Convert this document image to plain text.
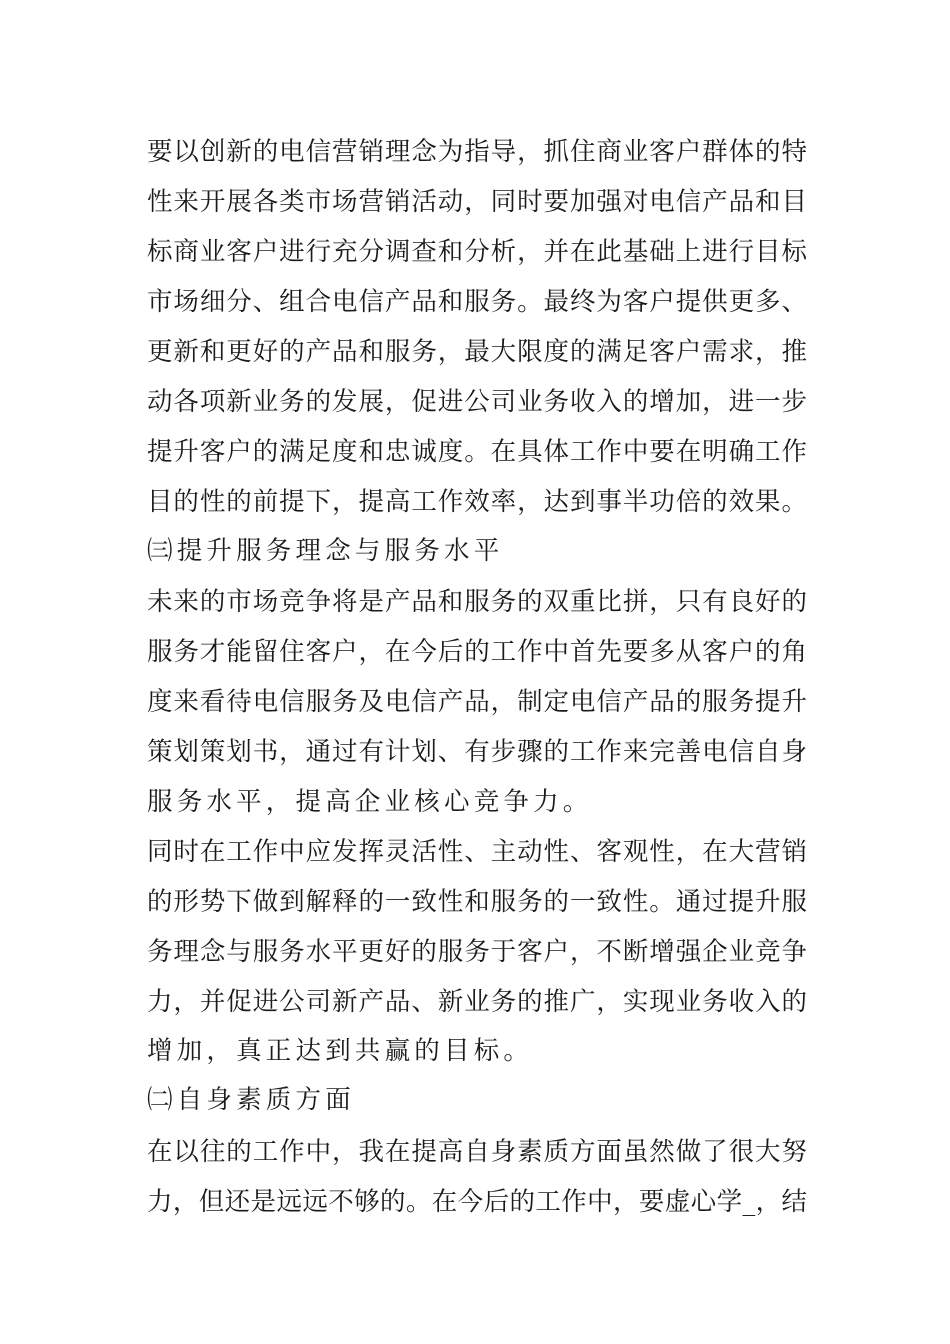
要以创新的电信营销理念为指导，抓住商业客户群体的特
性来开展各类市场营销活动，同时要加强对电信产品和目
标商业客户进行充分调查和分析，并在此基础上进行目标
市场细分、组合电信产品和服务。最终为客户提供更多、
更新和更好的产品和服务，最大限度的满足客户需求，推
动各项新业务的发展，促进公司业务收入的增加，进一步
提升客户的满足度和忠诚度。在具体工作中要在明确工作
目的性的前提下，提高工作效率，达到事半功倍的效果。
㈢提升服务理念与服务水平
未来的市场竞争将是产品和服务的双重比拼，只有良好的
服务才能留住客户，在今后的工作中首先要多从客户的角
度来看待电信服务及电信产品，制定电信产品的服务提升
策划策划书，通过有计划、有步骤的工作来完善电信自身
服务水平，提高企业核心竞争力。
同时在工作中应发挥灵活性、主动性、客观性，在大营销
的形势下做到解释的一致性和服务的一致性。通过提升服
务理念与服务水平更好的服务于客户，不断增强企业竞争
力，并促进公司新产品、新业务的推广，实现业务收入的
增加，真正达到共赢的目标。
㈡自身素质方面
在以往的工作中，我在提高自身素质方面虽然做了很大努
力，但还是远远不够的。在今后的工作中，要虚心学_，结
